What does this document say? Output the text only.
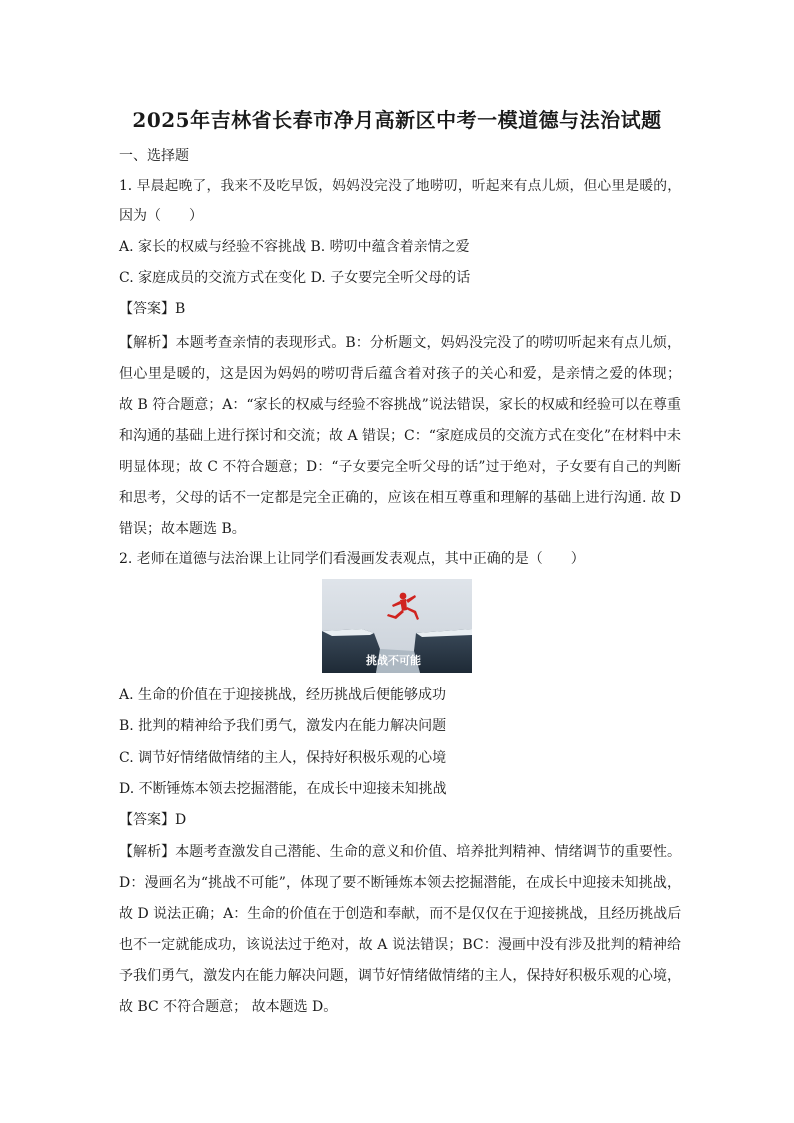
2025年吉林省长春市净月高新区中考一模道德与法治试题
一、选择题
1. 早晨起晚了，我来不及吃早饭，妈妈没完没了地唠叨，听起来有点儿烦，但心里是暖的，
因为（　　）
A. 家长的权威与经验不容挑战 B. 唠叨中蕴含着亲情之爱
C. 家庭成员的交流方式在变化 D. 子女要完全听父母的话
【答案】B
【解析】本题考查亲情的表现形式。B：分析题文，妈妈没完没了的唠叨听起来有点儿烦，
但心里是暖的，这是因为妈妈的唠叨背后蕴含着对孩子的关心和爱，是亲情之爱的体现；
故 B 符合题意；A：“家长的权威与经验不容挑战”说法错误，家长的权威和经验可以在尊重
和沟通的基础上进行探讨和交流；故 A 错误；C：“家庭成员的交流方式在变化”在材料中未
明显体现；故 C 不符合题意；D：“子女要完全听父母的话”过于绝对，子女要有自己的判断
和思考，父母的话不一定都是完全正确的，应该在相互尊重和理解的基础上进行沟通. 故 D
错误；故本题选 B。
2. 老师在道德与法治课上让同学们看漫画发表观点，其中正确的是（　　）
挑战不可能
A. 生命的价值在于迎接挑战，经历挑战后便能够成功
B. 批判的精神给予我们勇气，激发内在能力解决问题
C. 调节好情绪做情绪的主人，保持好积极乐观的心境
D. 不断锤炼本领去挖掘潜能，在成长中迎接未知挑战
【答案】D
【解析】本题考查激发自己潜能、生命的意义和价值、培养批判精神、情绪调节的重要性。
D：漫画名为“挑战不可能”，体现了要不断锤炼本领去挖掘潜能，在成长中迎接未知挑战，
故 D 说法正确；A：生命的价值在于创造和奉献，而不是仅仅在于迎接挑战，且经历挑战后
也不一定就能成功，该说法过于绝对，故 A 说法错误；BC：漫画中没有涉及批判的精神给
予我们勇气，激发内在能力解决问题，调节好情绪做情绪的主人，保持好积极乐观的心境，
故 BC 不符合题意； 故本题选 D。
